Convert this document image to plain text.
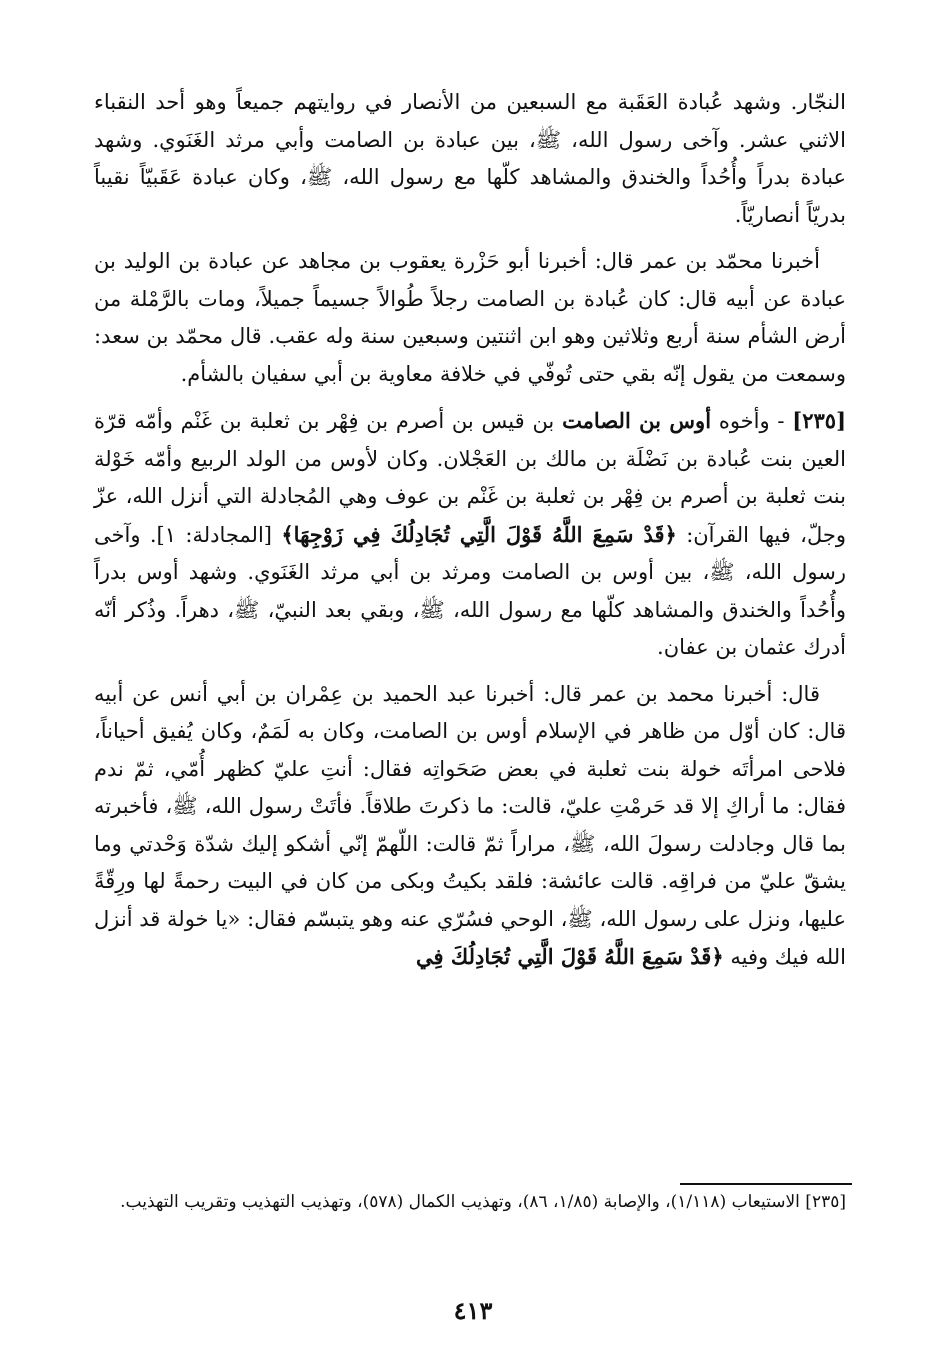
النجّار. وشهد عُبادة العَقَبة مع السبعين من الأنصار في روايتهم جميعاً وهو أحد النقباء الاثني عشر. وآخى رسول الله، ﷺ، بين عبادة بن الصامت وأبي مرثد الغَنَوي. وشهد عبادة بدراً وأُحُداً والخندق والمشاهد كلّها مع رسول الله، ﷺ، وكان عبادة عَقَبيّاً نقيباً بدريّاً أنصاريّاً.

أخبرنا محمّد بن عمر قال: أخبرنا أبو حَزْرة يعقوب بن مجاهد عن عبادة بن الوليد بن عبادة عن أبيه قال: كان عُبادة بن الصامت رجلاً طُوالاً جسيماً جميلاً، ومات بالرَّمْلة من أرض الشأم سنة أربع وثلاثين وهو ابن اثنتين وسبعين سنة وله عقب. قال محمّد بن سعد: وسمعت من يقول إنّه بقي حتى تُوفّي في خلافة معاوية بن أبي سفيان بالشأم.

[٢٣٥] - وأخوه أوس بن الصامت بن قيس بن أصرم بن فِهْر بن ثعلبة بن غَنْم وأمّه قرّة العين بنت عُبادة بن نَضْلَة بن مالك بن العَجْلان. وكان لأوس من الولد الربيع وأمّه خَوْلة بنت ثعلبة بن أصرم بن فِهْر بن ثعلبة بن غَنْم بن عوف وهي المُجادلة التي أنزل الله، عزّ وجلّ، فيها القرآن: ﴿قَدْ سَمِعَ اللَّهُ قَوْلَ الَّتِي تُجَادِلُكَ فِي زَوْجِهَا﴾ [المجادلة: ١]. وآخى رسول الله، ﷺ، بين أوس بن الصامت ومرثد بن أبي مرثد الغَنَوي. وشهد أوس بدراً وأُحُداً والخندق والمشاهد كلّها مع رسول الله، ﷺ، وبقي بعد النبيّ، ﷺ، دهراً. وذُكر أنّه أدرك عثمان بن عفان.

قال: أخبرنا محمد بن عمر قال: أخبرنا عبد الحميد بن عِمْران بن أبي أنس عن أبيه قال: كان أوّل من ظاهر في الإسلام أوس بن الصامت، وكان به لَمَمٌ، وكان يُفيق أحياناً، فلاحى امرأتَه خولة بنت ثعلبة في بعض صَحَواتِه فقال: أنتِ عليّ كظهر أُمّي، ثمّ ندم فقال: ما أراكِ إلا قد حَرمْتِ عليّ، قالت: ما ذكرتَ طلاقاً. فأتَتْ رسول الله، ﷺ، فأخبرته بما قال وجادلت رسولَ الله، ﷺ، مراراً ثمّ قالت: اللّهمّ إنّي أشكو إليك شدّة وَحْدتي وما يشقّ عليّ من فراقِه. قالت عائشة: فلقد بكيتُ وبكى من كان في البيت رحمةً لها ورِقّةً عليها، ونزل على رسول الله، ﷺ، الوحي فسُرّي عنه وهو يتبسّم فقال: «يا خولة قد أنزل الله فيك وفيه ﴿قَدْ سَمِعَ اللَّهُ قَوْلَ الَّتِي تُجَادِلُكَ فِي

[٢٣٥] الاستيعاب (١/١١٨)، والإصابة (١/٨٥، ٨٦)، وتهذيب الكمال (٥٧٨)، وتهذيب التهذيب وتقريب التهذيب.
٤١٣
